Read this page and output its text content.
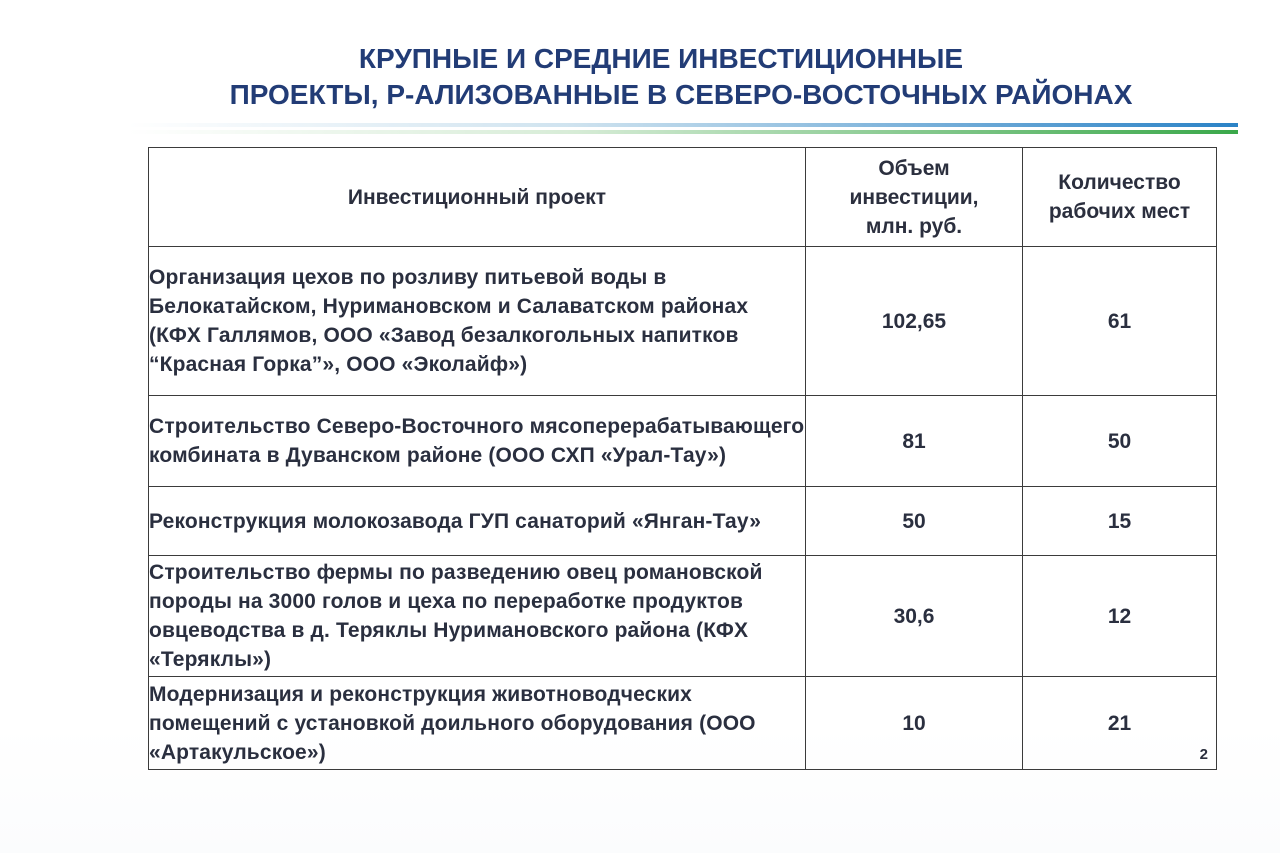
КРУПНЫЕ И СРЕДНИЕ ИНВЕСТИЦИОННЫЕ
ПРОЕКТЫ, Р-АЛИЗОВАННЫЕ В СЕВЕРО-ВОСТОЧНЫХ РАЙОНАХ
Инвестиционный проект	Объем инвестиции, млн. руб.	Количество рабочих мест
Организация цехов по розливу питьевой воды в Белокатайском, Нуримановском и Салаватском районах (КФХ Галлямов, ООО «Завод безалкогольных напитков “Красная Горка”», ООО «Эколайф»)	102,65	61
Строительство Северо-Восточного мясоперерабатывающего комбината в Дуванском районе (ООО СХП «Урал-Тау»)	81	50
Реконструкция молокозавода ГУП санаторий «Янган-Тау»	50	15
Строительство фермы по разведению овец романовской породы на 3000 голов и цеха по переработке продуктов овцеводства в д. Теряклы Нуримановского района (КФХ «Теряклы»)	30,6	12
Модернизация и реконструкция животноводческих помещений с установкой доильного оборудования (ООО «Артакульское»)	10	21
2
